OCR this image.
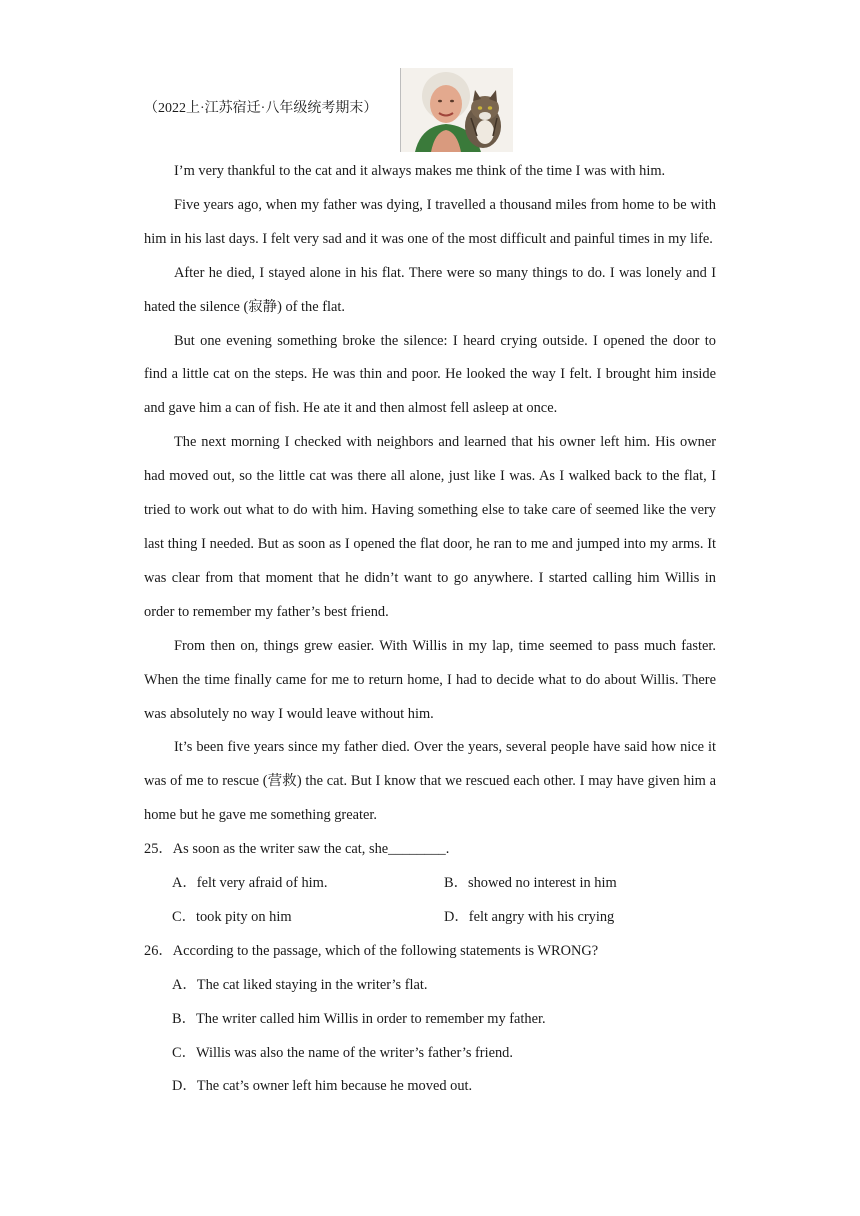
（2022上·江苏宿迁·八年级统考期末）

I’m very thankful to the cat and it always makes me think of the time I was with him.

Five years ago, when my father was dying, I travelled a thousand miles from home to be with him in his last days. I felt very sad and it was one of the most difficult and painful times in my life.

After he died, I stayed alone in his flat. There were so many things to do. I was lonely and I hated the silence (寂静) of the flat.

But one evening something broke the silence: I heard crying outside. I opened the door to find a little cat on the steps. He was thin and poor. He looked the way I felt. I brought him inside and gave him a can of fish. He ate it and then almost fell asleep at once.

The next morning I checked with neighbors and learned that his owner left him. His owner had moved out, so the little cat was there all alone, just like I was. As I walked back to the flat, I tried to work out what to do with him. Having something else to take care of seemed like the very last thing I needed. But as soon as I opened the flat door, he ran to me and jumped into my arms. It was clear from that moment that he didn’t want to go anywhere. I started calling him Willis in order to remember my father’s best friend.

From then on, things grew easier. With Willis in my lap, time seemed to pass much faster. When the time finally came for me to return home, I had to decide what to do about Willis. There was absolutely no way I would leave without him.

It’s been five years since my father died. Over the years, several people have said how nice it was of me to rescue (营救) the cat. But I know that we rescued each other. I may have given him a home but he gave me something greater.

25．As soon as the writer saw the cat, she________.
A．felt very afraid of him.	B．showed no interest in him
C．took pity on him	D．felt angry with his crying
26．According to the passage, which of the following statements is WRONG?
A．The cat liked staying in the writer’s flat.
B．The writer called him Willis in order to remember my father.
C．Willis was also the name of the writer’s father’s friend.
D．The cat’s owner left him because he moved out.
